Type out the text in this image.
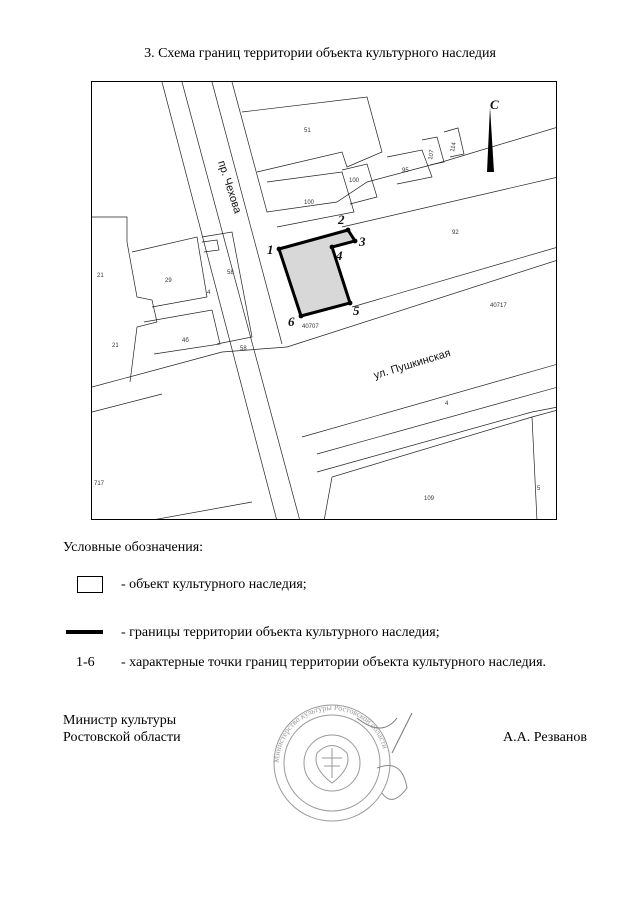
3. Схема границ территории объекта культурного наследия
С
пр. Чехова
ул. Пушкинская
51
100
100
95
107
114
92
40717
40707
4
109
5
21
21
29
58
58
4б
4
717
1
2
3
4
5
6
Условные обозначения:
- объект культурного наследия;
- границы территории объекта культурного наследия;
1-6 - характерные точки границ территории объекта культурного наследия.
Министр культуры
Ростовской области	А.А. Резванов
Министерство культуры Ростовской области
